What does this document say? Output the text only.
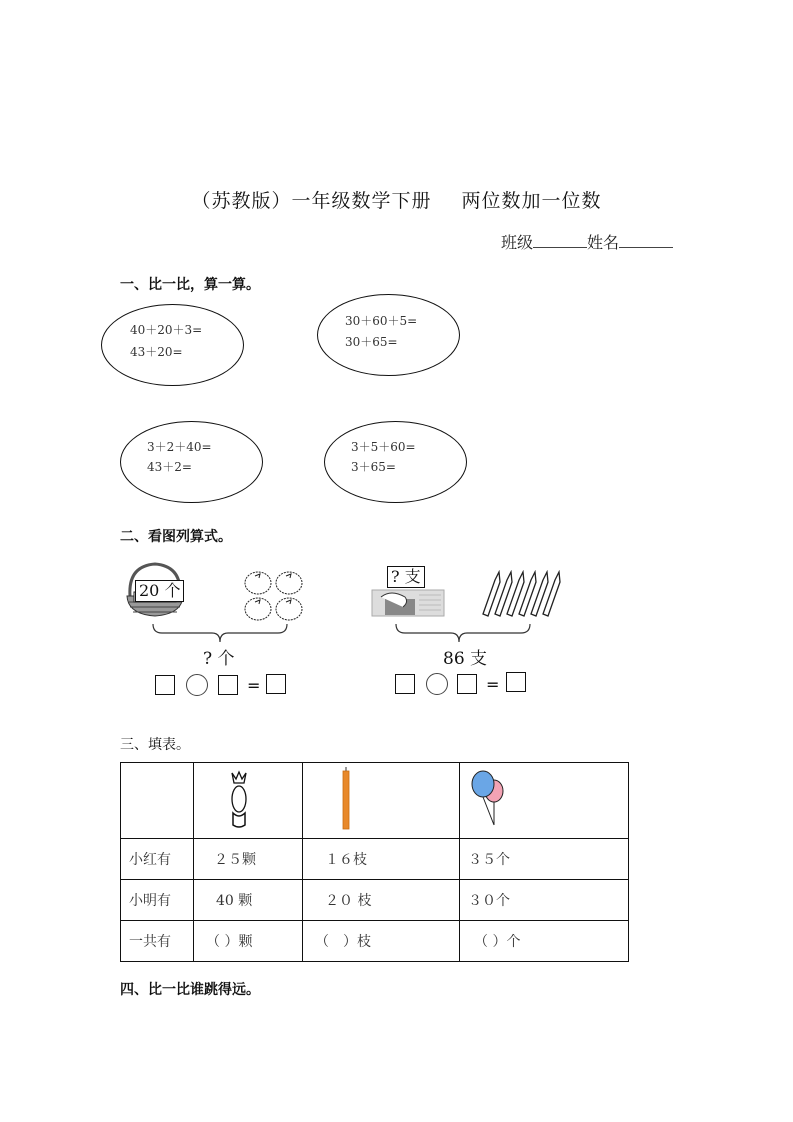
（苏教版）一年级数学下册 两位数加一位数
班级	姓名
一、比一比，算一算。
40＋20＋3=
43＋20=
30＋60＋5=
30＋65=
3＋2＋40=
43＋2=
3＋5＋60=
3＋65=
二、看图列算式。
20 个
? 个
=
? 支
86 支
=
三、填表。

小红有	２５颗	１６枝	３５个
小明有	40 颗	２０ 枝	３０个
一共有	（ ）颗	（　）枝	（ ）个
四、比一比谁跳得远。
